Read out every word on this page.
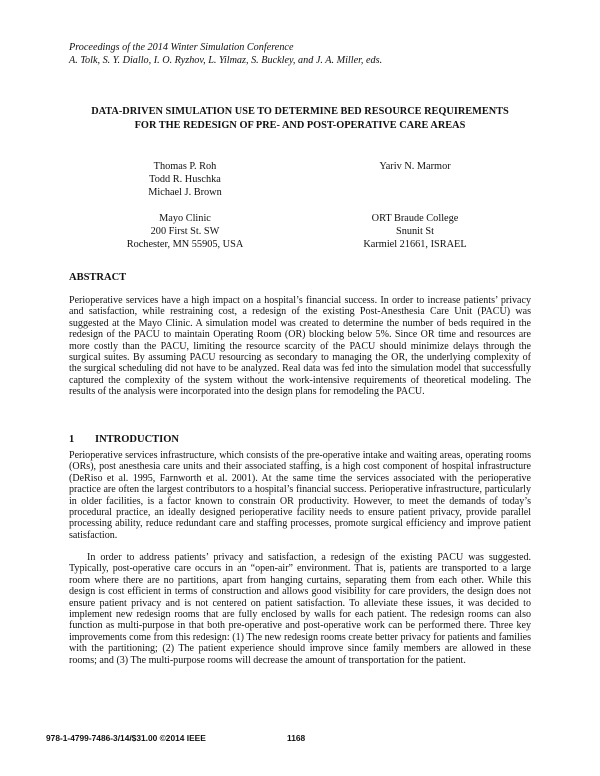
Proceedings of the 2014 Winter Simulation Conference
A. Tolk, S. Y. Diallo, I. O. Ryzhov, L. Yilmaz, S. Buckley, and J. A. Miller, eds.
DATA-DRIVEN SIMULATION USE TO DETERMINE BED RESOURCE REQUIREMENTS
FOR THE REDESIGN OF PRE- AND POST-OPERATIVE CARE AREAS
Thomas P. Roh
Todd R. Huschka
Michael J. Brown
Yariv N. Marmor
Mayo Clinic
200 First St. SW
Rochester, MN 55905, USA
ORT Braude College
Snunit St
Karmiel 21661, ISRAEL
ABSTRACT
Perioperative services have a high impact on a hospital’s financial success. In order to increase patients’ privacy and satisfaction, while restraining cost, a redesign of the existing Post-Anesthesia Care Unit (PACU) was suggested at the Mayo Clinic. A simulation model was created to determine the number of beds required in the redesign of the PACU to maintain Operating Room (OR) blocking below 5%. Since OR time and resources are more costly than the PACU, limiting the resource scarcity of the PACU should minimize delays through the surgical suites. By assuming PACU resourcing as secondary to managing the OR, the underlying complexity of the surgical scheduling did not have to be analyzed. Real data was fed into the simulation model that successfully captured the complexity of the system without the work-intensive requirements of theoretical modeling. The results of the analysis were incorporated into the design plans for remodeling the PACU.
1 INTRODUCTION
Perioperative services infrastructure, which consists of the pre-operative intake and waiting areas, operating rooms (ORs), post anesthesia care units and their associated staffing, is a high cost component of hospital infrastructure (DeRiso et al. 1995, Farnworth et al. 2001). At the same time the services associated with the perioperative practice are often the largest contributors to a hospital’s financial success. Perioperative infrastructure, particularly in older facilities, is a factor known to constrain OR productivity. However, to meet the demands of today’s procedural practice, an ideally designed perioperative facility needs to ensure patient privacy, provide parallel processing ability, reduce redundant care and staffing processes, promote surgical efficiency and improve patient satisfaction.
In order to address patients’ privacy and satisfaction, a redesign of the existing PACU was suggested. Typically, post-operative care occurs in an “open-air” environment. That is, patients are transported to a large room where there are no partitions, apart from hanging curtains, separating them from each other. While this design is cost efficient in terms of construction and allows good visibility for care providers, the design does not ensure patient privacy and is not centered on patient satisfaction. To alleviate these issues, it was decided to implement new redesign rooms that are fully enclosed by walls for each patient. The redesign rooms can also function as multi-purpose in that both pre-operative and post-operative work can be performed there. Three key improvements come from this redesign: (1) The new redesign rooms create better privacy for patients and families with the partitioning; (2) The patient experience should improve since family members are allowed in these rooms; and (3) The multi-purpose rooms will decrease the amount of transportation for the patient.
978-1-4799-7486-3/14/$31.00 ©2014 IEEE	1168
